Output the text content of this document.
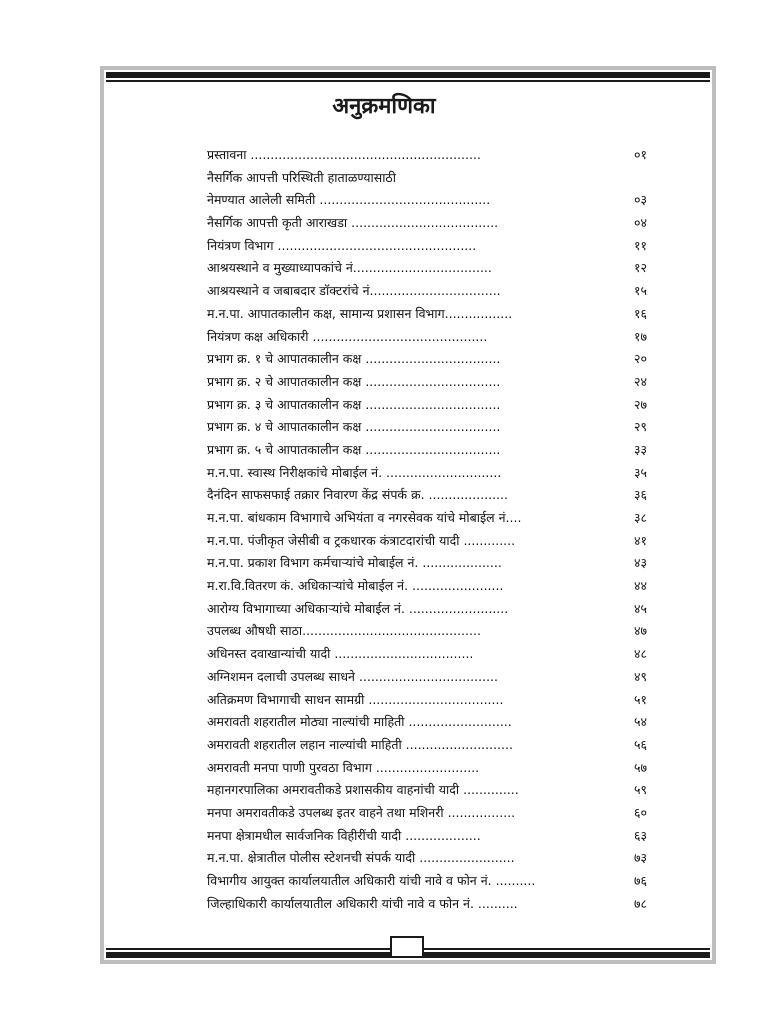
अनुक्रमणिका
प्रस्तावना ..........................................................	०१
नैसर्गिक आपत्ती परिस्थिती हाताळण्यासाठी
नेमण्यात आलेली समिती ...........................................	०३
नैसर्गिक आपत्ती कृती आराखडा .....................................	०४
नियंत्रण विभाग ..................................................	११
आश्रयस्थाने व मुख्याध्यापकांचे नं...................................	१२
आश्रयस्थाने व जबाबदार डॉक्टरांचे नं.................................	१५
म.न.पा. आपातकालीन कक्ष, सामान्य प्रशासन विभाग.................	१६
नियंत्रण कक्ष अधिकारी ............................................	१७
प्रभाग क्र. १ चे आपातकालीन कक्ष ..................................	२०
प्रभाग क्र. २ चे आपातकालीन कक्ष ..................................	२४
प्रभाग क्र. ३ चे आपातकालीन कक्ष ..................................	२७
प्रभाग क्र. ४ चे आपातकालीन कक्ष ..................................	२९
प्रभाग क्र. ५ चे आपातकालीन कक्ष ..................................	३३
म.न.पा. स्वास्थ निरीक्षकांचे मोबाईल नं. .............................	३५
दैनंदिन साफसफाई तक्रार निवारण केंद्र संपर्क क्र. ....................	३६
म.न.पा. बांधकाम विभागाचे अभियंता व नगरसेवक यांचे मोबाईल नं....	३८
म.न.पा. पंजीकृत जेसीबी व ट्रकधारक कंत्राटदारांची यादी .............	४१
म.न.पा. प्रकाश विभाग कर्मचाऱ्यांचे मोबाईल नं. ....................	४३
म.रा.वि.वितरण कं. अधिकाऱ्यांचे मोबाईल नं. .......................	४४
आरोग्य विभागाच्या अधिकाऱ्यांचे मोबाईल नं. .........................	४५
उपलब्ध औषधी साठा.............................................	४७
अधिनस्त दवाखान्यांची यादी ...................................	४८
अग्निशमन दलाची उपलब्ध साधने ...................................	४९
अतिक्रमण विभागाची साधन सामग्री ..................................	५१
अमरावती शहरातील मोठ्या नाल्यांची माहिती ..........................	५४
अमरावती शहरातील लहान नाल्यांची माहिती ...........................	५६
अमरावती मनपा पाणी पुरवठा विभाग ..........................	५७
महानगरपालिका अमरावतीकडे प्रशासकीय वाहनांची यादी ..............	५९
मनपा अमरावतीकडे उपलब्ध इतर वाहने तथा मशिनरी .................	६०
मनपा क्षेत्रामधील सार्वजनिक विहीरींची यादी ...................	६३
म.न.पा. क्षेत्रातील पोलीस स्टेशनची संपर्क यादी ........................	७३
विभागीय आयुक्त कार्यालयातील अधिकारी यांची नावे व फोन नं. ..........	७६
जिल्हाधिकारी कार्यालयातील अधिकारी यांची नावे व फोन नं. ..........	७८
